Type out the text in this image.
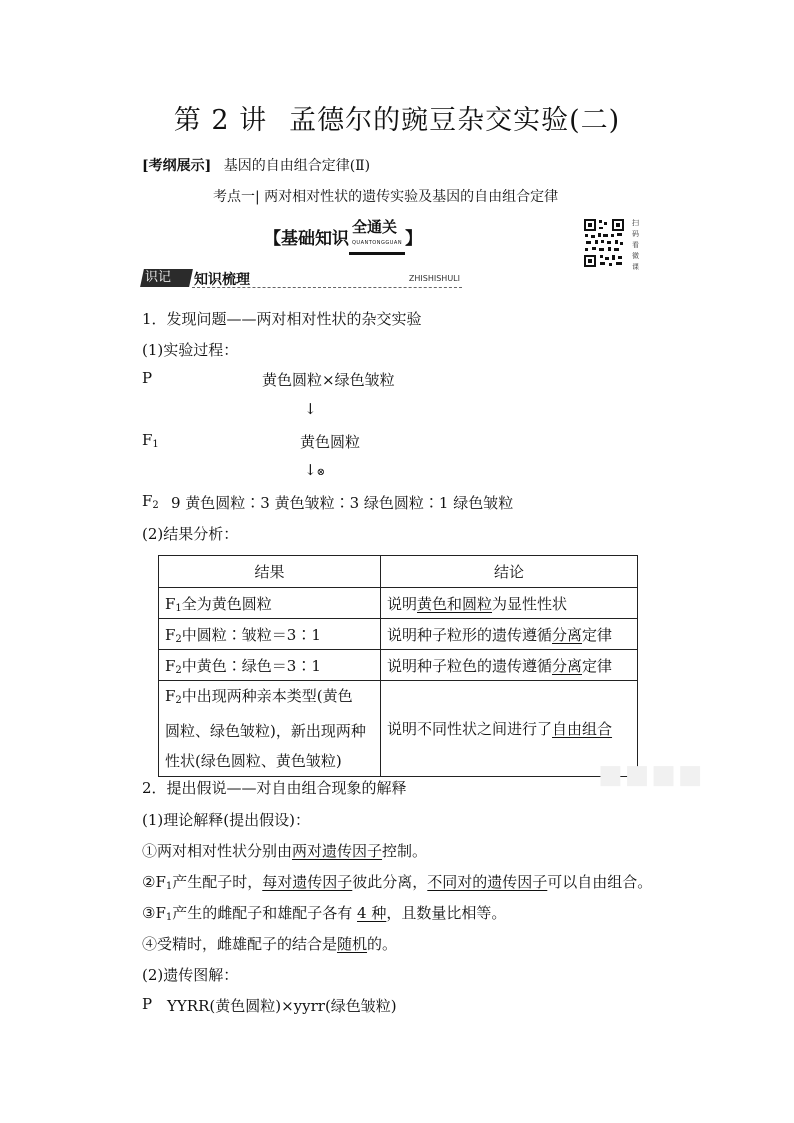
第 2 讲 孟德尔的豌豆杂交实验(二)
[考纲展示] 基因的自由组合定律(Ⅱ)
考点一| 两对相对性状的遗传实验及基因的自由组合定律
【基础知识全通关
QUANTONGGUAN 】
扫
码
看
微
课
识记	知识梳理	ZHISHISHULI
1．发现问题——两对相对性状的杂交实验
(1)实验过程：
P	黄色圆粒×绿色皱粒
↓
$F_1$	黄色圆粒
↓⊗
$F_2$ 9 黄色圆粒∶3 黄色皱粒∶3 绿色圆粒∶1 绿色皱粒
(2)结果分析：
结果	结论
$F_1$全为黄色圆粒	说明黄色和圆粒为显性性状
$F_2$中圆粒∶皱粒＝3∶1	说明种子粒形的遗传遵循分离定律
$F_2$中黄色∶绿色＝3∶1	说明种子粒色的遗传遵循分离定律
$F_2$中出现两种亲本类型(黄色
圆粒、绿色皱粒)，新出现两种
性状(绿色圆粒、黄色皱粒)	说明不同性状之间进行了自由组合
■■■■
2．提出假说——对自由组合现象的解释
(1)理论解释(提出假设)：
①两对相对性状分别由两对遗传因子控制。
$②F_1$产生配子时，每对遗传因子彼此分离，不同对的遗传因子可以自由组合。
$③F_1$产生的雌配子和雄配子各有 4 种，且数量比相等。
④受精时，雌雄配子的结合是随机的。
(2)遗传图解：
P YYRR(黄色圆粒)×yyrr(绿色皱粒)
